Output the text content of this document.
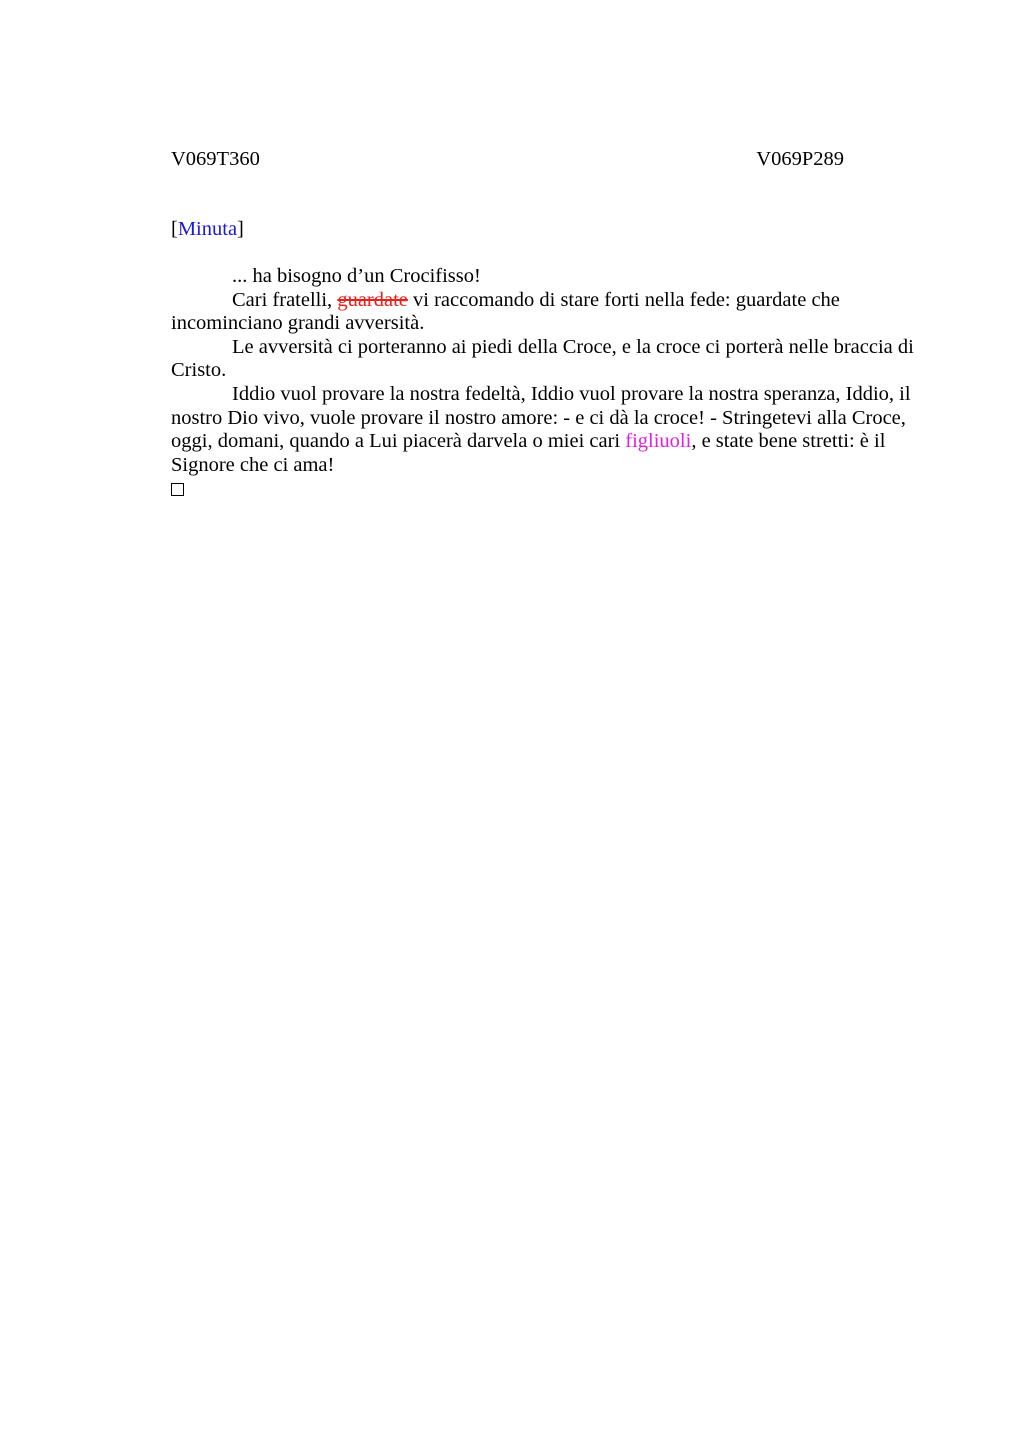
V069T360	V069P289
[Minuta]

... ha bisogno d’un Crocifisso!

Cari fratelli, guardate vi raccomando di stare forti nella fede: guardate che incominciano grandi avversità.

Le avversità ci porteranno ai piedi della Croce, e la croce ci porterà nelle braccia di Cristo.

Iddio vuol provare la nostra fedeltà, Iddio vuol provare la nostra speranza, Iddio, il nostro Dio vivo, vuole provare il nostro amore: - e ci dà la croce! - Stringetevi alla Croce, oggi, domani, quando a Lui piacerà darvela o miei cari figliuoli, e state bene stretti: è il Signore che ci ama!
